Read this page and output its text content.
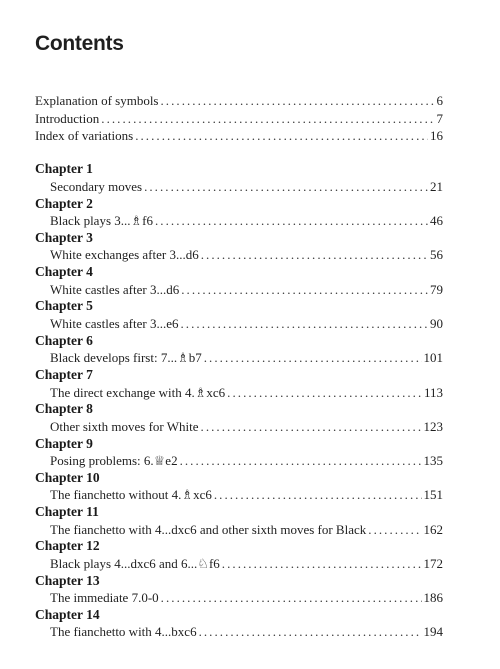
Contents
Explanation of symbols . . .	6
Introduction . . .	7
Index of variations . . .	16
Chapter 1
Secondary moves . . .	21
Chapter 2
Black plays 3...♗f6 . . .	46
Chapter 3
White exchanges after 3...d6 . . .	56
Chapter 4
White castles after 3...d6 . . .	79
Chapter 5
White castles after 3...e6 . . .	90
Chapter 6
Black develops first: 7...♗b7 . . .	101
Chapter 7
The direct exchange with 4.♗xc6 . . .	113
Chapter 8
Other sixth moves for White . . .	123
Chapter 9
Posing problems: 6.♕e2 . . .	135
Chapter 10
The fianchetto without 4.♗xc6 . . .	151
Chapter 11
The fianchetto with 4...dxc6 and other sixth moves for Black . . .	162
Chapter 12
Black plays 4...dxc6 and 6...♘f6 . . .	172
Chapter 13
The immediate 7.0-0 . . .	186
Chapter 14
The fianchetto with 4...bxc6 . . .	194
